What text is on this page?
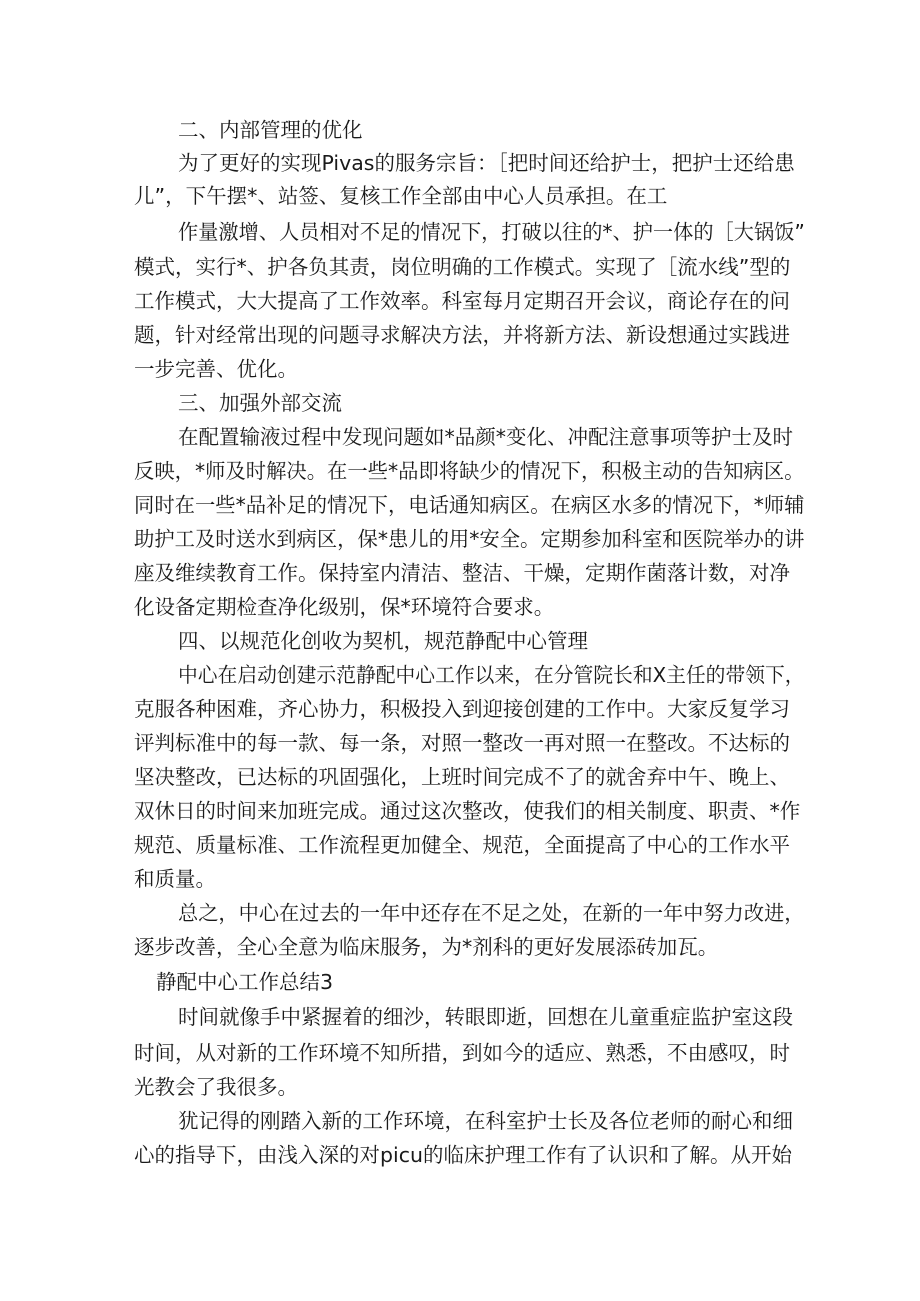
二、内部管理的优化
为了更好的实现Pivas的服务宗旨：［把时间还给护士，把护士还给患
儿”，下午摆*、站签、复核工作全部由中心人员承担。在工
作量激增、人员相对不足的情况下，打破以往的*、护一体的［大锅饭”
模式，实行*、护各负其责，岗位明确的工作模式。实现了［流水线”型的
工作模式，大大提高了工作效率。科室每月定期召开会议，商论存在的问
题，针对经常出现的问题寻求解决方法，并将新方法、新设想通过实践进
一步完善、优化。
三、加强外部交流
在配置输液过程中发现问题如*品颜*变化、冲配注意事项等护士及时
反映，*师及时解决。在一些*品即将缺少的情况下，积极主动的告知病区。
同时在一些*品补足的情况下，电话通知病区。在病区水多的情况下，*师辅
助护工及时送水到病区，保*患儿的用*安全。定期参加科室和医院举办的讲
座及维续教育工作。保持室内清洁、整洁、干燥，定期作菌落计数，对净
化设备定期检查净化级别，保*环境符合要求。
四、以规范化创收为契机，规范静配中心管理
中心在启动创建示范静配中心工作以来，在分管院长和X主任的带领下，
克服各种困难，齐心协力，积极投入到迎接创建的工作中。大家反复学习
评判标准中的每一款、每一条，对照一整改一再对照一在整改。不达标的
坚决整改，已达标的巩固强化，上班时间完成不了的就舍弃中午、晚上、
双休日的时间来加班完成。通过这次整改，使我们的相关制度、职责、*作
规范、质量标准、工作流程更加健全、规范，全面提高了中心的工作水平
和质量。
总之，中心在过去的一年中还存在不足之处，在新的一年中努力改进，
逐步改善，全心全意为临床服务，为*剂科的更好发展添砖加瓦。
静配中心工作总结3
时间就像手中紧握着的细沙，转眼即逝，回想在儿童重症监护室这段
时间，从对新的工作环境不知所措，到如今的适应、熟悉，不由感叹，时
光教会了我很多。
犹记得的刚踏入新的工作环境，在科室护士长及各位老师的耐心和细
心的指导下，由浅入深的对picu的临床护理工作有了认识和了解。从开始
